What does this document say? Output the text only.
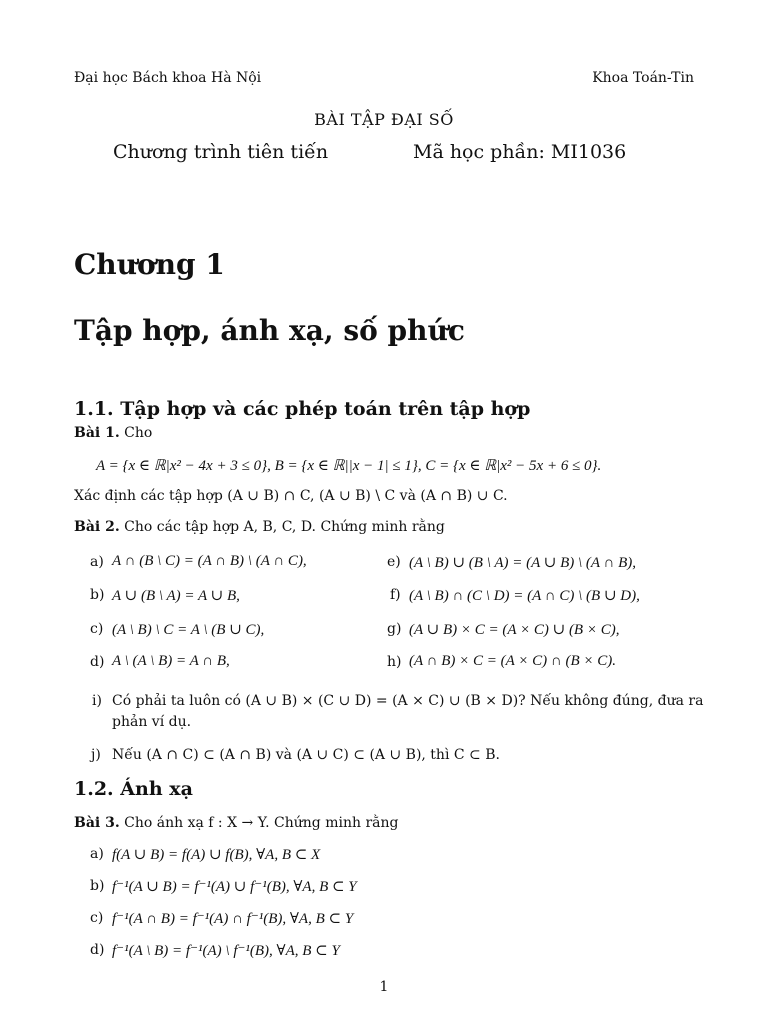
Đại học Bách khoa Hà Nội	Khoa Toán-Tin
BÀI TẬP ĐẠI SỐ
Chương trình tiên tiến	Mã học phần: MI1036
Chương 1
Tập hợp, ánh xạ, số phức
1.1. Tập hợp và các phép toán trên tập hợp
Bài 1. Cho
A = {x ∈ ℝ|x² − 4x + 3 ≤ 0}, B = {x ∈ ℝ||x − 1| ≤ 1}, C = {x ∈ ℝ|x² − 5x + 6 ≤ 0}.
Xác định các tập hợp (A ∪ B) ∩ C, (A ∪ B) \ C và (A ∩ B) ∪ C.
Bài 2. Cho các tập hợp A, B, C, D. Chứng minh rằng
a) A ∩ (B \ C) = (A ∩ B) \ (A ∩ C),
b) A ∪ (B \ A) = A ∪ B,
c) (A \ B) \ C = A \ (B ∪ C),
d) A \ (A \ B) = A ∩ B,
e) (A \ B) ∪ (B \ A) = (A ∪ B) \ (A ∩ B),
f) (A \ B) ∩ (C \ D) = (A ∩ C) \ (B ∪ D),
g) (A ∪ B) × C = (A × C) ∪ (B × C),
h) (A ∩ B) × C = (A × C) ∩ (B × C).
i) Có phải ta luôn có (A ∪ B) × (C ∪ D) = (A × C) ∪ (B × D)? Nếu không đúng, đưa ra
phản ví dụ.
j) Nếu (A ∩ C) ⊂ (A ∩ B) và (A ∪ C) ⊂ (A ∪ B), thì C ⊂ B.
1.2. Ánh xạ
Bài 3. Cho ánh xạ f : X → Y. Chứng minh rằng
a) f(A ∪ B) = f(A) ∪ f(B), ∀A, B ⊂ X
b) f⁻¹(A ∪ B) = f⁻¹(A) ∪ f⁻¹(B), ∀A, B ⊂ Y
c) f⁻¹(A ∩ B) = f⁻¹(A) ∩ f⁻¹(B), ∀A, B ⊂ Y
d) f⁻¹(A \ B) = f⁻¹(A) \ f⁻¹(B), ∀A, B ⊂ Y
1
